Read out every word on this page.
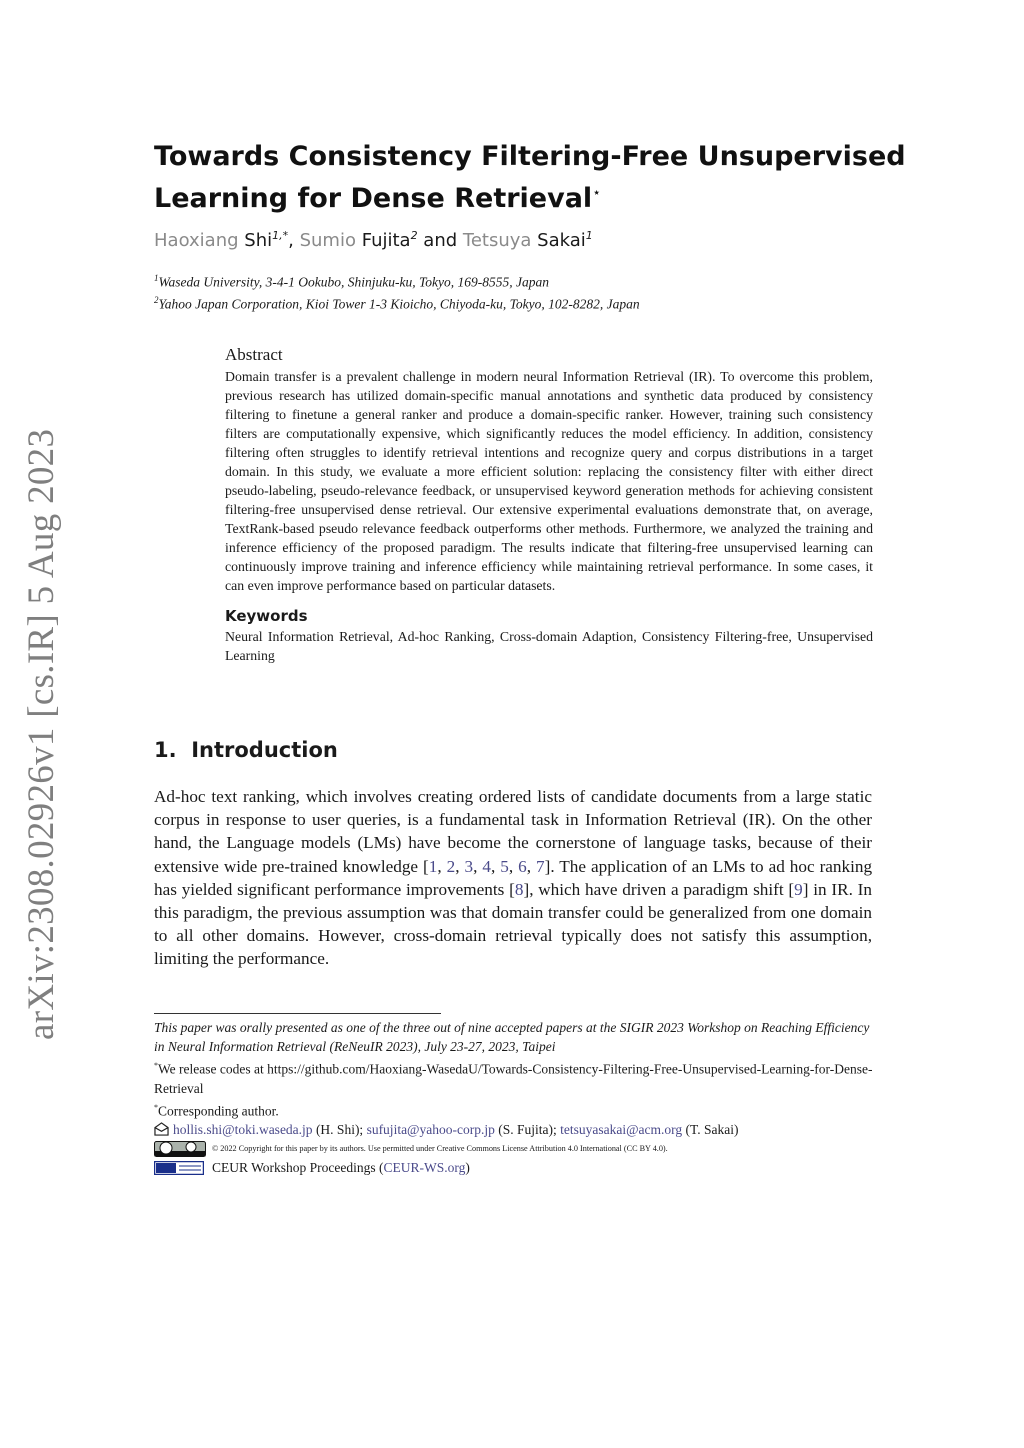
arXiv:2308.02926v1 [cs.IR] 5 Aug 2023
Towards Consistency Filtering-Free Unsupervised
Learning for Dense Retrieval⋆
Haoxiang Shi$^{1,*}$, Sumio Fujita$^2$ and Tetsuya Sakai$^1$
$^1$Waseda University, 3-4-1 Ookubo, Shinjuku-ku, Tokyo, 169-8555, Japan
$^2$Yahoo Japan Corporation, Kioi Tower 1-3 Kioicho, Chiyoda-ku, Tokyo, 102-8282, Japan

Abstract

Domain transfer is a prevalent challenge in modern neural Information Retrieval (IR). To overcome this problem, previous research has utilized domain-specific manual annotations and synthetic data produced by consistency filtering to finetune a general ranker and produce a domain-specific ranker. However, training such consistency filters are computationally expensive, which significantly reduces the model efficiency. In addition, consistency filtering often struggles to identify retrieval intentions and recognize query and corpus distributions in a target domain. In this study, we evaluate a more efficient solution: replacing the consistency filter with either direct pseudo-labeling, pseudo-relevance feedback, or unsupervised keyword generation methods for achieving consistent filtering-free unsupervised dense retrieval. Our extensive experimental evaluations demonstrate that, on average, TextRank-based pseudo relevance feedback outperforms other methods. Furthermore, we analyzed the training and inference efficiency of the proposed paradigm. The results indicate that filtering-free unsupervised learning can continuously improve training and inference efficiency while maintaining retrieval performance. In some cases, it can even improve performance based on particular datasets.

Keywords

Neural Information Retrieval, Ad-hoc Ranking, Cross-domain Adaption, Consistency Filtering-free, Unsupervised Learning

1. Introduction

Ad-hoc text ranking, which involves creating ordered lists of candidate documents from a large static corpus in response to user queries, is a fundamental task in Information Retrieval (IR). On the other hand, the Language models (LMs) have become the cornerstone of language tasks, because of their extensive wide pre-trained knowledge [1, 2, 3, 4, 5, 6, 7]. The application of an LMs to ad hoc ranking has yielded significant performance improvements [8], which have driven a paradigm shift [9] in IR. In this paradigm, the previous assumption was that domain transfer could be generalized from one domain to all other domains. However, cross-domain retrieval typically does not satisfy this assumption, limiting the performance.

This paper was orally presented as one of the three out of nine accepted papers at the SIGIR 2023 Workshop on Reaching Efficiency in Neural Information Retrieval (ReNeuIR 2023), July 23-27, 2023, Taipei

*We release codes at https://github.com/Haoxiang-WasedaU/Towards-Consistency-Filtering-Free-Unsupervised-Learning-for-Dense-Retrieval

*Corresponding author.

hollis.shi@toki.waseda.jp (H. Shi); sufujita@yahoo-corp.jp (S. Fujita); tetsuyasakai@acm.org (T. Sakai)

© 2022 Copyright for this paper by its authors. Use permitted under Creative Commons License Attribution 4.0 International (CC BY 4.0).
CEUR Workshop Proceedings ( CEUR-WS.org )
